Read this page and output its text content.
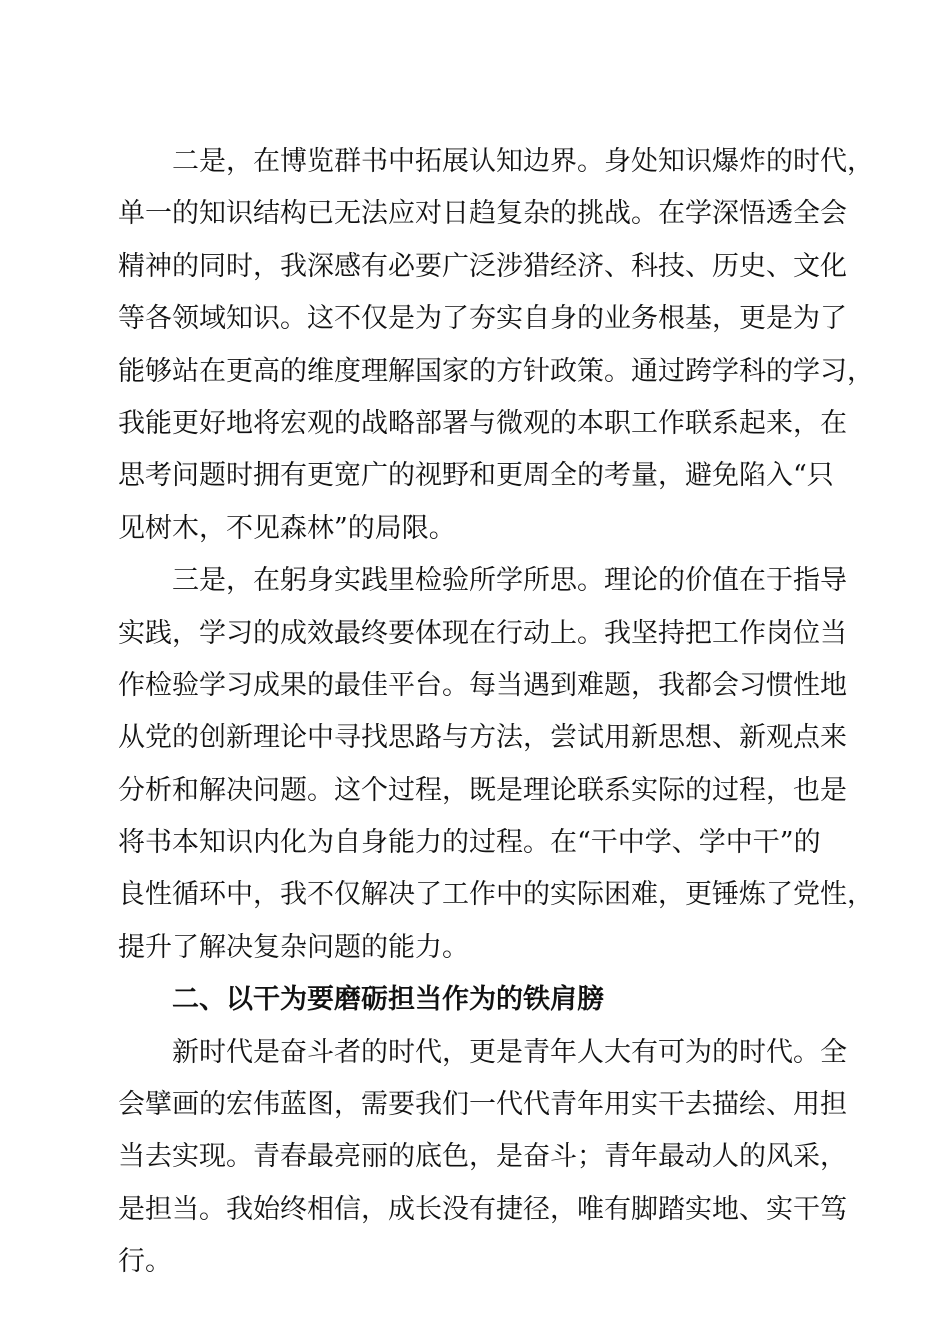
二是，在博览群书中拓展认知边界。身处知识爆炸的时代，
单一的知识结构已无法应对日趋复杂的挑战。在学深悟透全会
精神的同时，我深感有必要广泛涉猎经济、科技、历史、文化
等各领域知识。这不仅是为了夯实自身的业务根基，更是为了
能够站在更高的维度理解国家的方针政策。通过跨学科的学习，
我能更好地将宏观的战略部署与微观的本职工作联系起来，在
思考问题时拥有更宽广的视野和更周全的考量，避免陷入“只
见树木，不见森林”的局限。
三是，在躬身实践里检验所学所思。理论的价值在于指导
实践，学习的成效最终要体现在行动上。我坚持把工作岗位当
作检验学习成果的最佳平台。每当遇到难题，我都会习惯性地
从党的创新理论中寻找思路与方法，尝试用新思想、新观点来
分析和解决问题。这个过程，既是理论联系实际的过程，也是
将书本知识内化为自身能力的过程。在“干中学、学中干”的
良性循环中，我不仅解决了工作中的实际困难，更锤炼了党性，
提升了解决复杂问题的能力。
二、以干为要磨砺担当作为的铁肩膀
新时代是奋斗者的时代，更是青年人大有可为的时代。全
会擘画的宏伟蓝图，需要我们一代代青年用实干去描绘、用担
当去实现。青春最亮丽的底色，是奋斗；青年最动人的风采，
是担当。我始终相信，成长没有捷径，唯有脚踏实地、实干笃
行。
